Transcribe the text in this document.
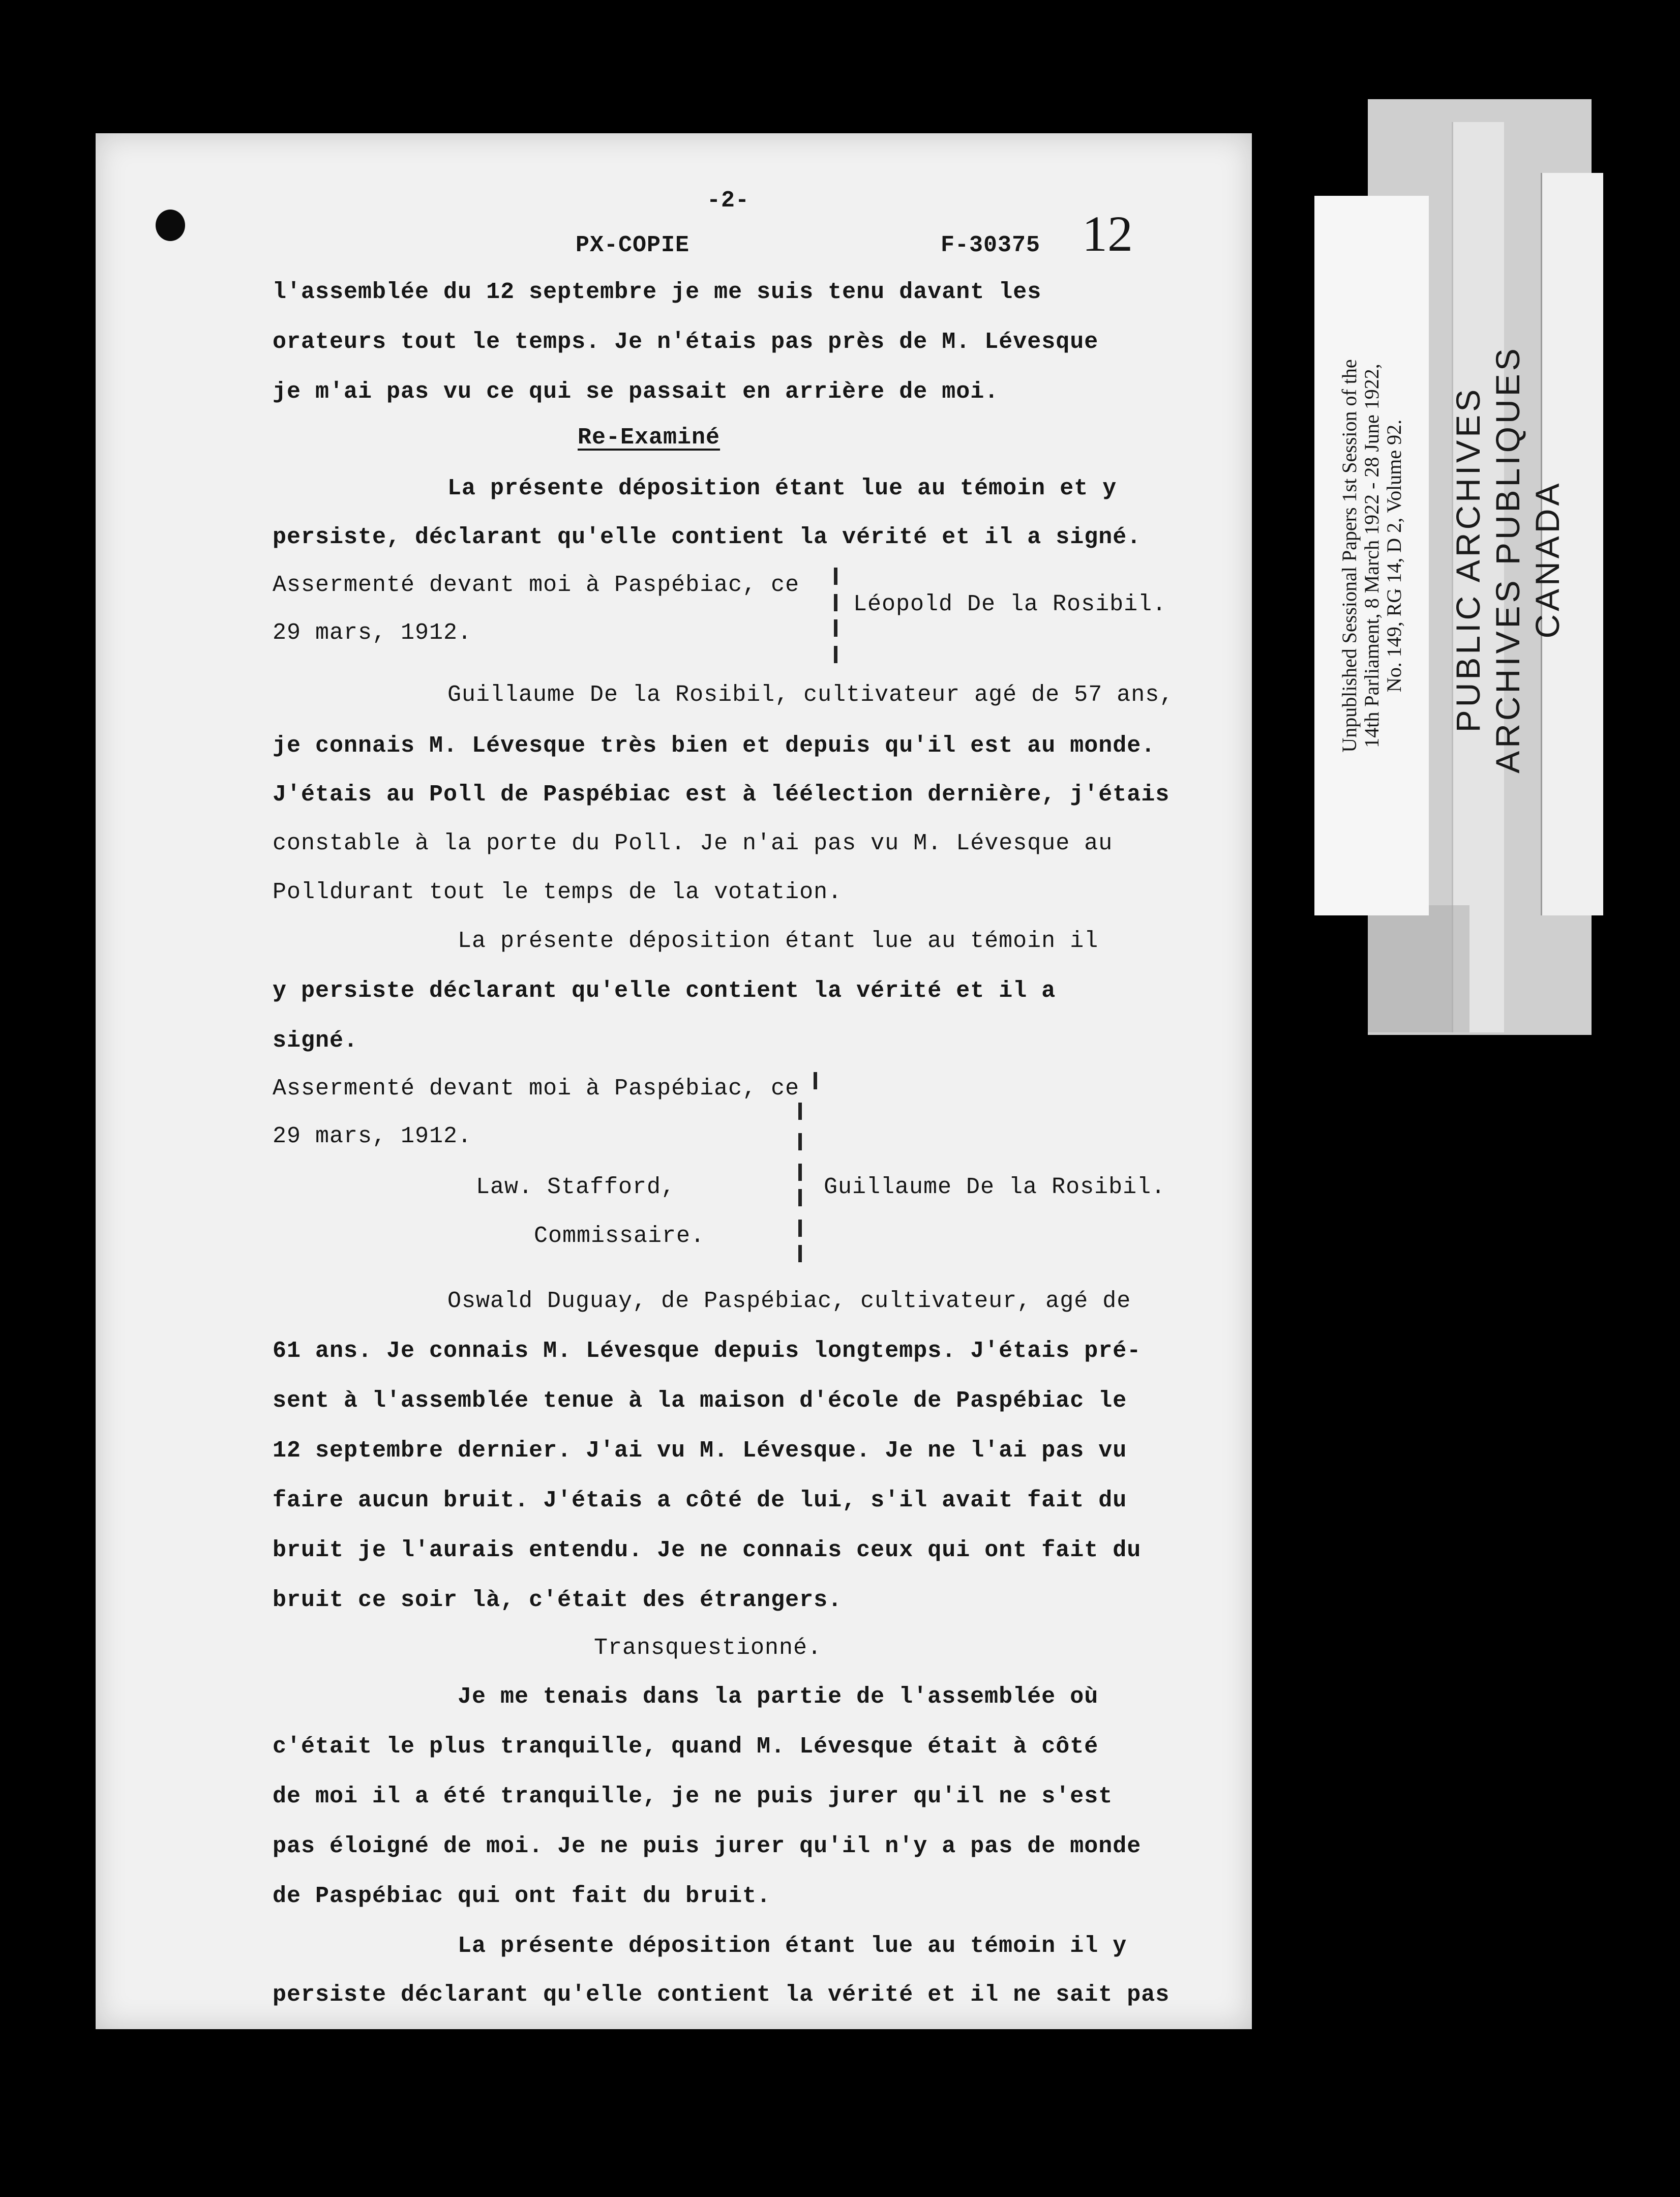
Unpublished Sessional Papers 1st Session of the
14th Parliament, 8 March 1922 - 28 June 1922,
No. 149, RG 14, D 2, Volume 92. PUBLIC ARCHIVES
ARCHIVES PUBLIQUES
CANADA
-2-
PX-COPIE	F-30375 12
l'assemblée du 12 septembre je me suis tenu davant les
orateurs tout le temps. Je n'étais pas près de M. Lévesque
je m'ai pas vu ce qui se passait en arrière de moi.
Re-Examiné
La présente déposition étant lue au témoin et y
persiste, déclarant qu'elle contient la vérité et il a signé.
Assermenté devant moi à Paspébiac, ce
Léopold De la Rosibil.
29 mars, 1912.
Guillaume De la Rosibil, cultivateur agé de 57 ans,
je connais M. Lévesque très bien et depuis qu'il est au monde.
J'étais au Poll de Paspébiac est à léélection dernière, j'étais
constable à la porte du Poll. Je n'ai pas vu M. Lévesque au
Polldurant tout le temps de la votation.
La présente déposition étant lue au témoin il
y persiste déclarant qu'elle contient la vérité et il a
signé.
Assermenté devant moi à Paspébiac, ce
29 mars, 1912.
Law. Stafford,	Guillaume De la Rosibil.
Commissaire.
Oswald Duguay, de Paspébiac, cultivateur, agé de
61 ans. Je connais M. Lévesque depuis longtemps. J'étais pré-
sent à l'assemblée tenue à la maison d'école de Paspébiac le
12 septembre dernier. J'ai vu M. Lévesque. Je ne l'ai pas vu
faire aucun bruit. J'étais a côté de lui, s'il avait fait du
bruit je l'aurais entendu. Je ne connais ceux qui ont fait du
bruit ce soir là, c'était des étrangers.
Transquestionné.
Je me tenais dans la partie de l'assemblée où
c'était le plus tranquille, quand M. Lévesque était à côté
de moi il a été tranquille, je ne puis jurer qu'il ne s'est
pas éloigné de moi. Je ne puis jurer qu'il n'y a pas de monde
de Paspébiac qui ont fait du bruit.
La présente déposition étant lue au témoin il y
persiste déclarant qu'elle contient la vérité et il ne sait pas
